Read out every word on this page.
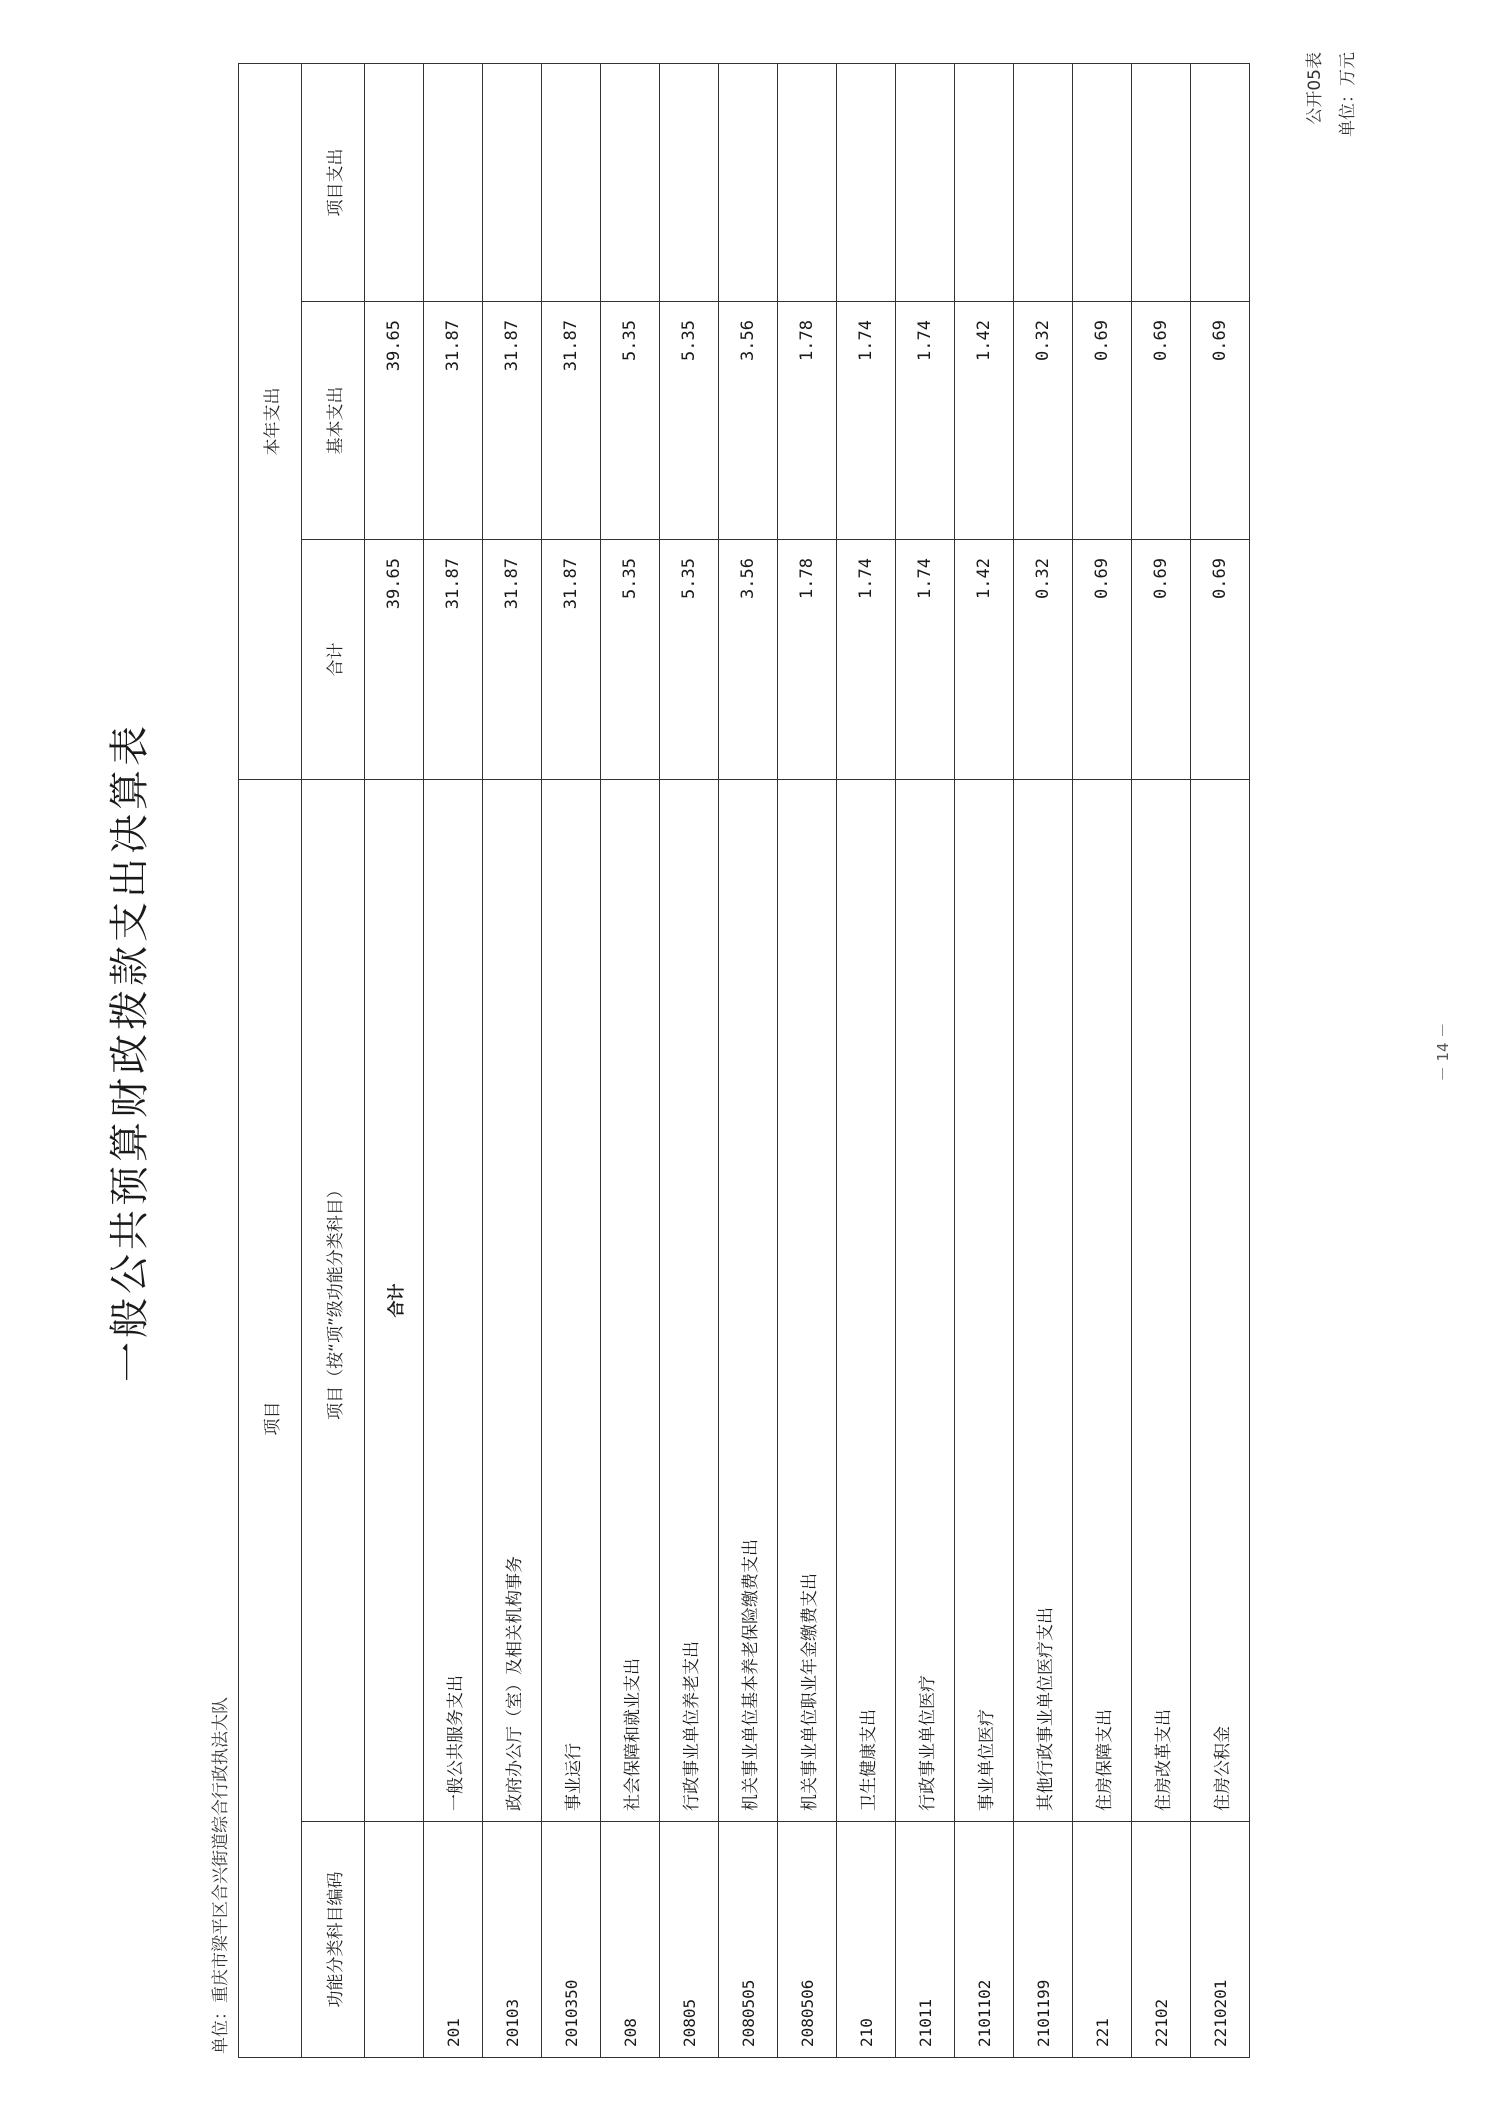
一般公共预算财政拨款支出决算表
公开05表 单位：万元
单位：重庆市梁平区合兴街道综合行政执法大队
项目		本年支出		
功能分类科目编码	项目（按“项”级功能分类科目）	合计	基本支出	项目支出

	合计	39.65	39.65	
201	一般公共服务支出	31.87	31.87	
20103	政府办公厅（室）及相关机构事务	31.87	31.87	
2010350	事业运行	31.87	31.87	
208	社会保障和就业支出	5.35	5.35	
20805	行政事业单位养老支出	5.35	5.35	
2080505	机关事业单位基本养老保险缴费支出	3.56	3.56	
2080506	机关事业单位职业年金缴费支出	1.78	1.78	
210	卫生健康支出	1.74	1.74	
21011	行政事业单位医疗	1.74	1.74	
2101102	事业单位医疗	1.42	1.42	
2101199	其他行政事业单位医疗支出	0.32	0.32	
221	住房保障支出	0.69	0.69	
22102	住房改革支出	0.69	0.69	
2210201	住房公积金	0.69	0.69	
－ 14 －
